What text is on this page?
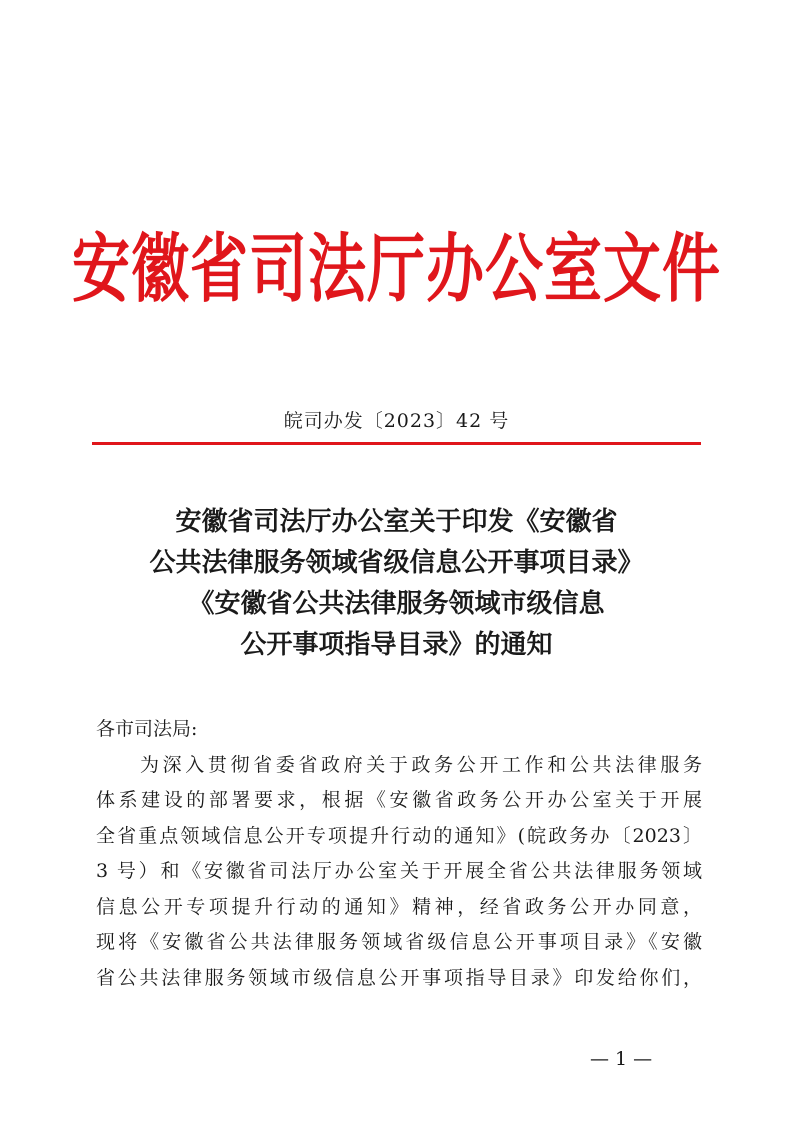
安徽省司法厅办公室文件
皖司办发〔2023〕42 号
安徽省司法厅办公室关于印发《安徽省
公共法律服务领域省级信息公开事项目录》
《安徽省公共法律服务领域市级信息
公开事项指导目录》的通知
各市司法局:
为深入贯彻省委省政府关于政务公开工作和公共法律服务
体系建设的部署要求，根据《安徽省政务公开办公室关于开展
全省重点领域信息公开专项提升行动的通知》(皖政务办〔2023〕
3 号）和《安徽省司法厅办公室关于开展全省公共法律服务领域
信息公开专项提升行动的通知》精神，经省政务公开办同意，
现将《安徽省公共法律服务领域省级信息公开事项目录》《安徽
省公共法律服务领域市级信息公开事项指导目录》印发给你们，
— 1 —
